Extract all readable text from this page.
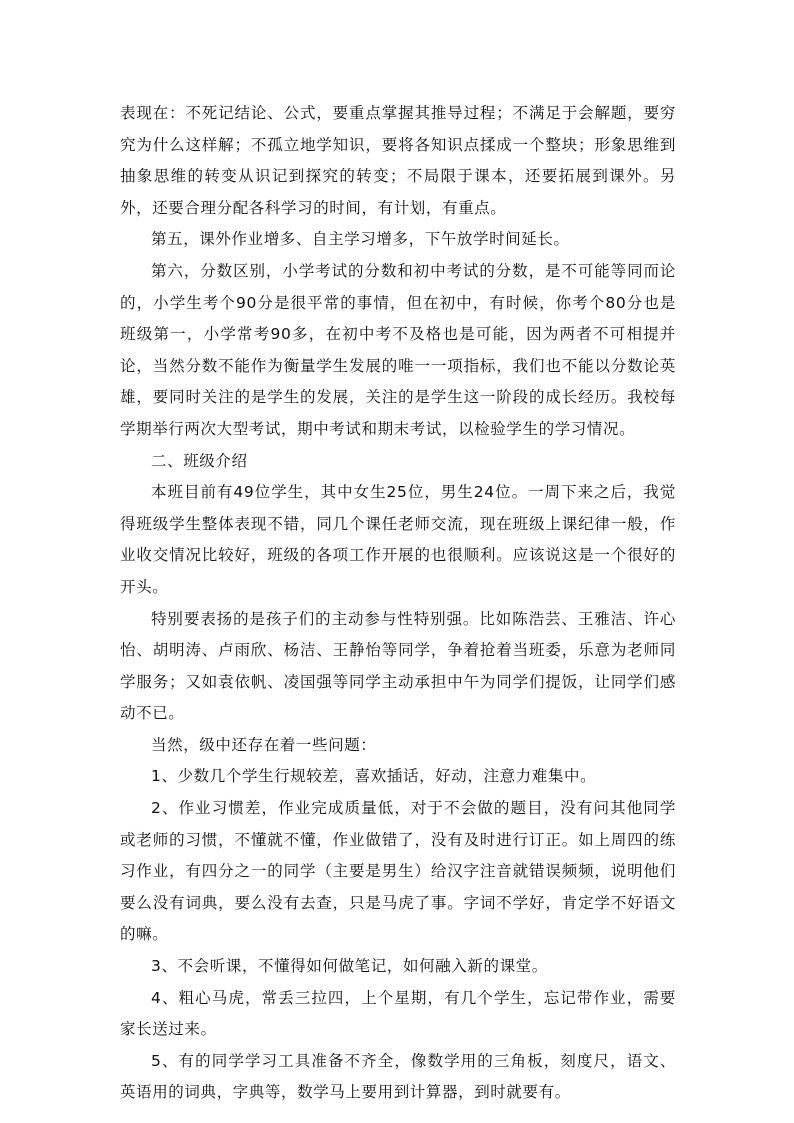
表现在：不死记结论、公式，要重点掌握其推导过程；不满足于会解题，要穷究为什么这样解；不孤立地学知识，要将各知识点揉成一个整块；形象思维到抽象思维的转变从识记到探究的转变；不局限于课本，还要拓展到课外。另外，还要合理分配各科学习的时间，有计划，有重点。

第五，课外作业增多、自主学习增多，下午放学时间延长。

第六，分数区别，小学考试的分数和初中考试的分数，是不可能等同而论的，小学生考个90分是很平常的事情，但在初中，有时候，你考个80分也是班级第一，小学常考90多，在初中考不及格也是可能，因为两者不可相提并论，当然分数不能作为衡量学生发展的唯一一项指标，我们也不能以分数论英雄，要同时关注的是学生的发展，关注的是学生这一阶段的成长经历。我校每学期举行两次大型考试，期中考试和期末考试，以检验学生的学习情况。

二、班级介绍

本班目前有49位学生，其中女生25位，男生24位。一周下来之后，我觉得班级学生整体表现不错，同几个课任老师交流，现在班级上课纪律一般，作业收交情况比较好，班级的各项工作开展的也很顺利。应该说这是一个很好的开头。

特别要表扬的是孩子们的主动参与性特别强。比如陈浩芸、王雅洁、许心怡、胡明涛、卢雨欣、杨洁、王静怡等同学，争着抢着当班委，乐意为老师同学服务；又如袁依帆、凌国强等同学主动承担中午为同学们提饭，让同学们感动不已。

当然，级中还存在着一些问题：

1、少数几个学生行规较差，喜欢插话，好动，注意力难集中。

2、作业习惯差，作业完成质量低，对于不会做的题目，没有问其他同学或老师的习惯，不懂就不懂，作业做错了，没有及时进行订正。如上周四的练习作业，有四分之一的同学（主要是男生）给汉字注音就错误频频，说明他们要么没有词典，要么没有去查，只是马虎了事。字词不学好，肯定学不好语文的嘛。

3、不会听课，不懂得如何做笔记，如何融入新的课堂。

4、粗心马虎，常丢三拉四，上个星期，有几个学生，忘记带作业，需要家长送过来。

5、有的同学学习工具准备不齐全，像数学用的三角板，刻度尺，语文、英语用的词典，字典等，数学马上要用到计算器，到时就要有。
